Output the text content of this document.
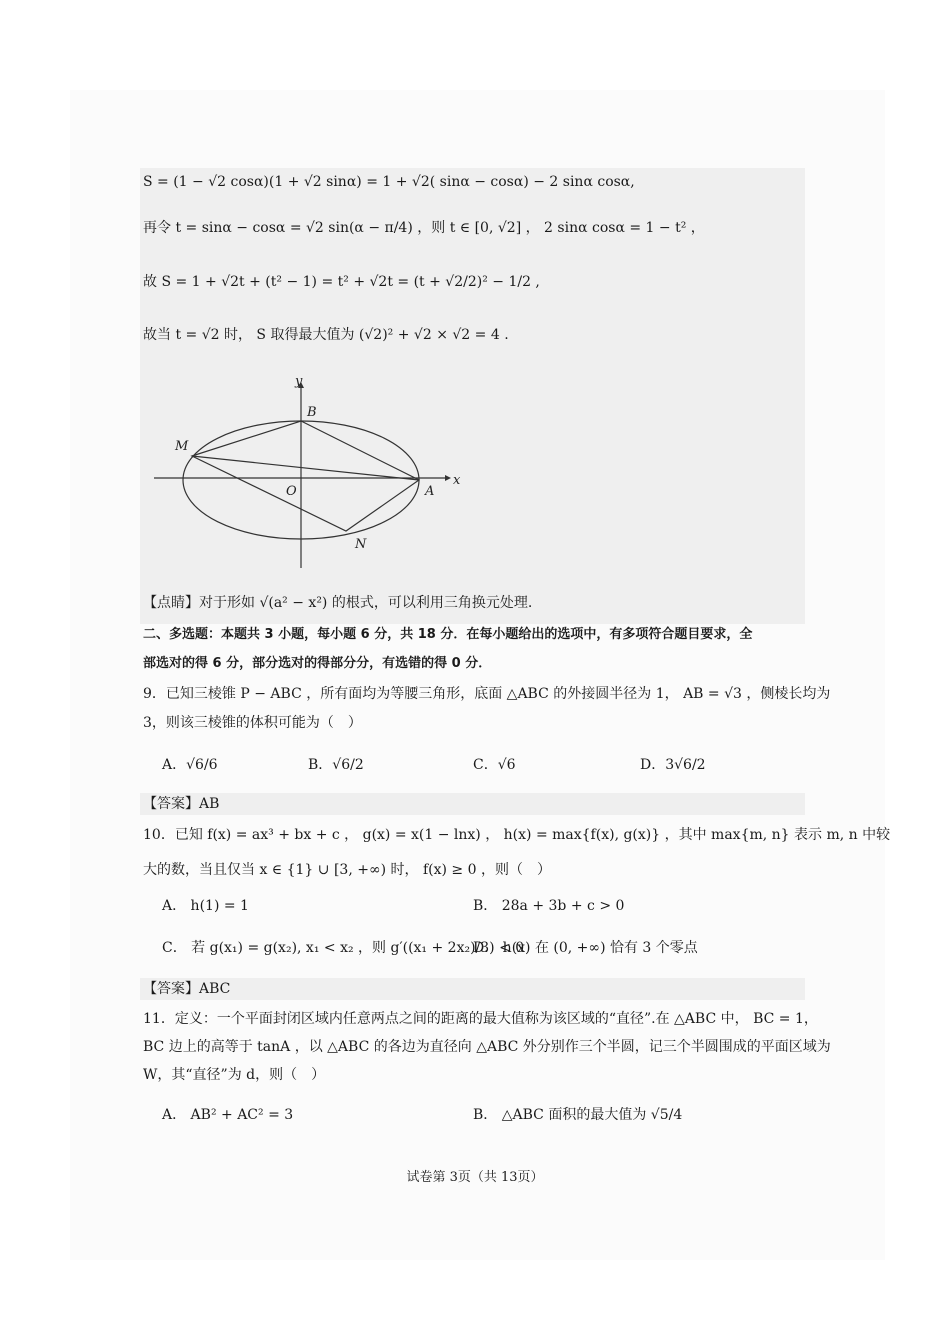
S = (1 − √2 cosα)(1 + √2 sinα) = 1 + √2( sinα − cosα) − 2 sinα cosα,
再令 t = sinα − cosα = √2 sin(α − π/4) ，则 t ∈ [0, √2] ， 2 sinα cosα = 1 − t² ，
故 S = 1 + √2t + (t² − 1) = t² + √2t = (t + √2/2)² − 1/2 ,
故当 t = √2 时， S 取得最大值为 (√2)² + √2 × √2 = 4 .
y
x
B
M
O	A
N
【点睛】对于形如 √(a² − x²) 的根式，可以利用三角换元处理.
二、多选题：本题共 3 小题，每小题 6 分，共 18 分．在每小题给出的选项中，有多项符合题目要求，全
部选对的得 6 分，部分选对的得部分分，有选错的得 0 分．
9．已知三棱锥 P − ABC ，所有面均为等腰三角形，底面 △ABC 的外接圆半径为 1， AB = √3 ，侧棱长均为
3，则该三棱锥的体积可能为（　）
A．√6/6	B．√6/2	C．√6	D．3√6/2
【答案】AB
10．已知 f(x) = ax³ + bx + c ， g(x) = x(1 − lnx) ， h(x) = max{f(x), g(x)} ，其中 max{m, n} 表示 m, n 中较
大的数，当且仅当 x ∈ {1} ∪ [3, +∞) 时， f(x) ≥ 0 ，则（　）
A． h(1) = 1	B． 28a + 3b + c > 0
C． 若 g(x₁) = g(x₂), x₁ < x₂ ，则 g′((x₁ + 2x₂)/3) < 0
D． h(x) 在 (0, +∞) 恰有 3 个零点
【答案】ABC
11．定义：一个平面封闭区域内任意两点之间的距离的最大值称为该区域的“直径”.在 △ABC 中， BC = 1，
BC 边上的高等于 tanA ，以 △ABC 的各边为直径向 △ABC 外分别作三个半圆，记三个半圆围成的平面区域为
W，其“直径”为 d，则（　）
A． AB² + AC² = 3	B． △ABC 面积的最大值为 √5/4
试卷第 3页（共 13页）
